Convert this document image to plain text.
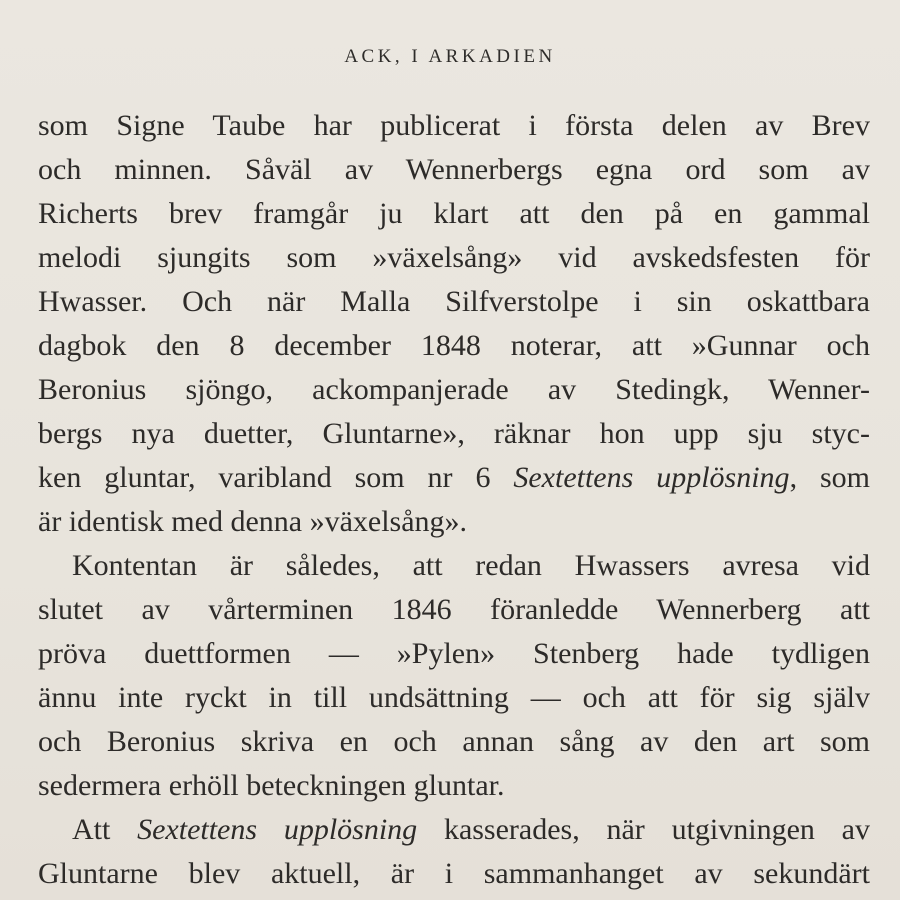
ACK, I ARKADIEN
som Signe Taube har publicerat i första delen av Brev
och minnen. Såväl av Wennerbergs egna ord som av
Richerts brev framgår ju klart att den på en gammal
melodi sjungits som »växelsång» vid avskedsfesten för
Hwasser. Och när Malla Silfverstolpe i sin oskattbara
dagbok den 8 december 1848 noterar, att »Gunnar och
Beronius sjöngo, ackompanjerade av Stedingk, Wenner-
bergs nya duetter, Gluntarne», räknar hon upp sju styc-
ken gluntar, varibland som nr 6 Sextettens upplösning, som
är identisk med denna »växelsång».
Kontentan är således, att redan Hwassers avresa vid
slutet av vårterminen 1846 föranledde Wennerberg att
pröva duettformen — »Pylen» Stenberg hade tydligen
ännu inte ryckt in till undsättning — och att för sig själv
och Beronius skriva en och annan sång av den art som
sedermera erhöll beteckningen gluntar.
Att Sextettens upplösning kasserades, när utgivningen av
Gluntarne blev aktuell, är i sammanhanget av sekundärt
